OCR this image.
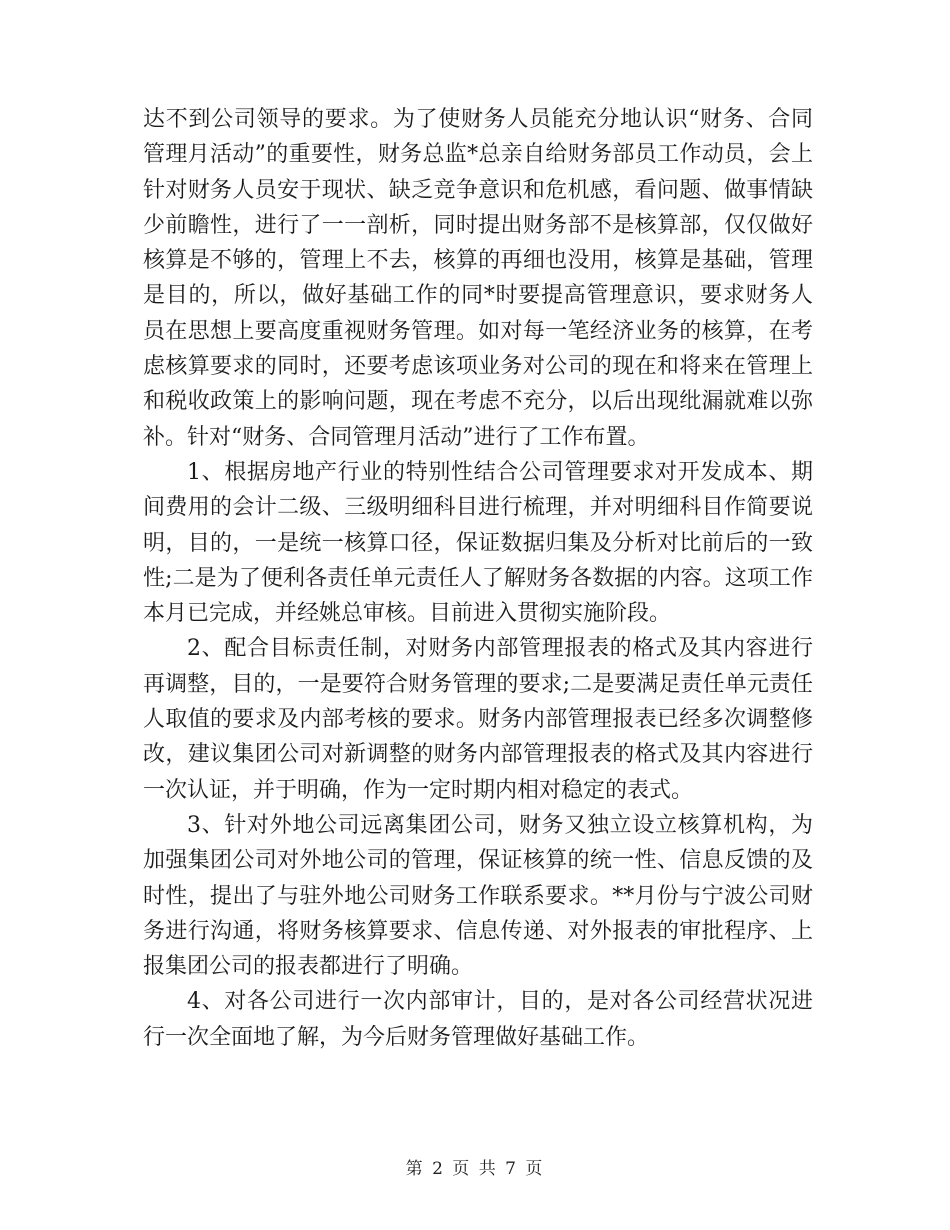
达不到公司领导的要求。为了使财务人员能充分地认识“财务、合同管理月活动”的重要性，财务总监*总亲自给财务部员工作动员，会上针对财务人员安于现状、缺乏竞争意识和危机感，看问题、做事情缺少前瞻性，进行了一一剖析，同时提出财务部不是核算部，仅仅做好核算是不够的，管理上不去，核算的再细也没用，核算是基础，管理是目的，所以，做好基础工作的同*时要提高管理意识，要求财务人员在思想上要高度重视财务管理。如对每一笔经济业务的核算，在考虑核算要求的同时，还要考虑该项业务对公司的现在和将来在管理上和税收政策上的影响问题，现在考虑不充分，以后出现纰漏就难以弥补。针对“财务、合同管理月活动”进行了工作布置。

1、根据房地产行业的特别性结合公司管理要求对开发成本、期间费用的会计二级、三级明细科目进行梳理，并对明细科目作简要说明，目的，一是统一核算口径，保证数据归集及分析对比前后的一致性;二是为了便利各责任单元责任人了解财务各数据的内容。这项工作本月已完成，并经姚总审核。目前进入贯彻实施阶段。

2、配合目标责任制，对财务内部管理报表的格式及其内容进行再调整，目的，一是要符合财务管理的要求;二是要满足责任单元责任人取值的要求及内部考核的要求。财务内部管理报表已经多次调整修改，建议集团公司对新调整的财务内部管理报表的格式及其内容进行一次认证，并于明确，作为一定时期内相对稳定的表式。

3、针对外地公司远离集团公司，财务又独立设立核算机构，为加强集团公司对外地公司的管理，保证核算的统一性、信息反馈的及时性，提出了与驻外地公司财务工作联系要求。**月份与宁波公司财务进行沟通，将财务核算要求、信息传递、对外报表的审批程序、上报集团公司的报表都进行了明确。

4、对各公司进行一次内部审计，目的，是对各公司经营状况进行一次全面地了解，为今后财务管理做好基础工作。

第 2 页 共 7 页
